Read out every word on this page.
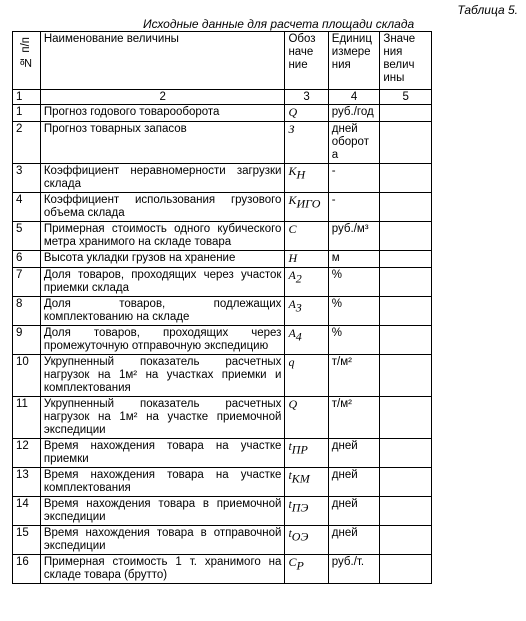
Таблица 5.
Исходные данные для расчета площади склада
№ п/п	Наименование величины	Обоз наче ние	Единиц измере ния	Значе ния велич ины
1	2	3	4	5
1	Прогноз годового товарооборота	Q	руб./год	
2	Прогноз товарных запасов	З	дней оборот а	
3	Коэффициент неравномерности загрузки склада	$K_Н$	-	
4	Коэффициент использования грузового объема склада	$K_{ИГО}$	-	
5	Примерная стоимость одного кубического метра хранимого на складе товара	C	руб./м³	
6	Высота укладки грузов на хранение	H	м	
7	Доля товаров, проходящих через участок приемки склада	$A_2$	%	
8	Доля товаров, подлежащих комплектованию на складе	$A_3$	%	
9	Доля товаров, проходящих через промежуточную отправочную экспедицию	$A_4$	%	
10	Укрупненный показатель расчетных нагрузок на 1м² на участках приемки и комплектования	q	т/м²	
11	Укрупненный показатель расчетных нагрузок на 1м² на участке приемочной экспедиции	Q	т/м²	
12	Время нахождения товара на участке приемки	$t_{ПР}$	дней	
13	Время нахождения товара на участке комплектования	$t_{КМ}$	дней	
14	Время нахождения товара в приемочной экспедиции	$t_{ПЭ}$	дней	
15	Время нахождения товара в отправочной экспедиции	$t_{ОЭ}$	дней	
16	Примерная стоимость 1 т. хранимого на складе товара (брутто)	$C_Р$	руб./т.	
